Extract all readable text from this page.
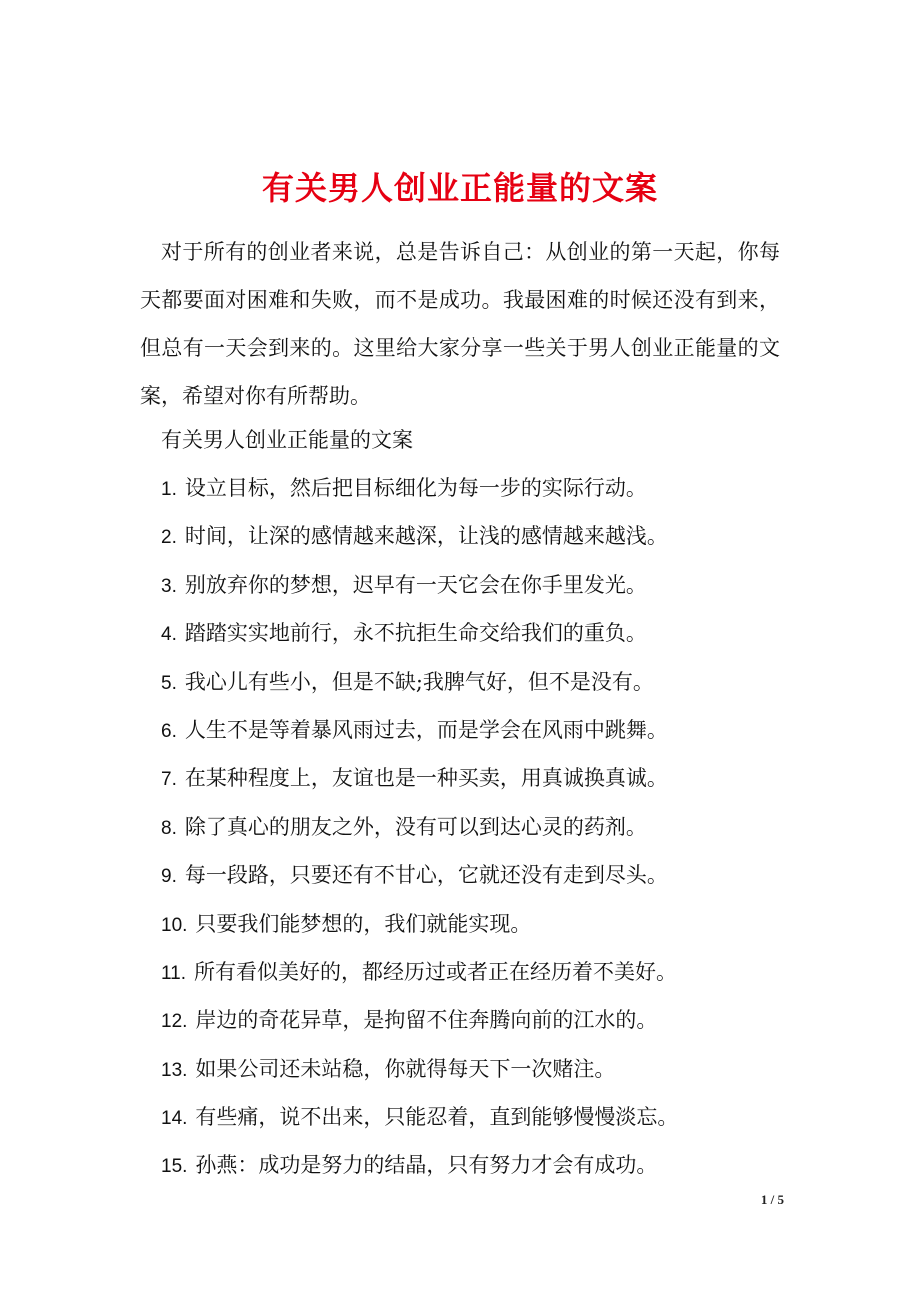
有关男人创业正能量的文案

对于所有的创业者来说，总是告诉自己：从创业的第一天起，你每天都要面对困难和失败，而不是成功。我最困难的时候还没有到来，但总有一天会到来的。这里给大家分享一些关于男人创业正能量的文案，希望对你有所帮助。

有关男人创业正能量的文案

1. 设立目标，然后把目标细化为每一步的实际行动。
2. 时间，让深的感情越来越深，让浅的感情越来越浅。
3. 别放弃你的梦想，迟早有一天它会在你手里发光。
4. 踏踏实实地前行，永不抗拒生命交给我们的重负。
5. 我心儿有些小，但是不缺;我脾气好，但不是没有。
6. 人生不是等着暴风雨过去，而是学会在风雨中跳舞。
7. 在某种程度上，友谊也是一种买卖，用真诚换真诚。
8. 除了真心的朋友之外，没有可以到达心灵的药剂。
9. 每一段路，只要还有不甘心，它就还没有走到尽头。
10. 只要我们能梦想的，我们就能实现。
11. 所有看似美好的，都经历过或者正在经历着不美好。
12. 岸边的奇花异草，是拘留不住奔腾向前的江水的。
13. 如果公司还未站稳，你就得每天下一次赌注。
14. 有些痛，说不出来，只能忍着，直到能够慢慢淡忘。
15. 孙燕：成功是努力的结晶，只有努力才会有成功。
1 / 5
